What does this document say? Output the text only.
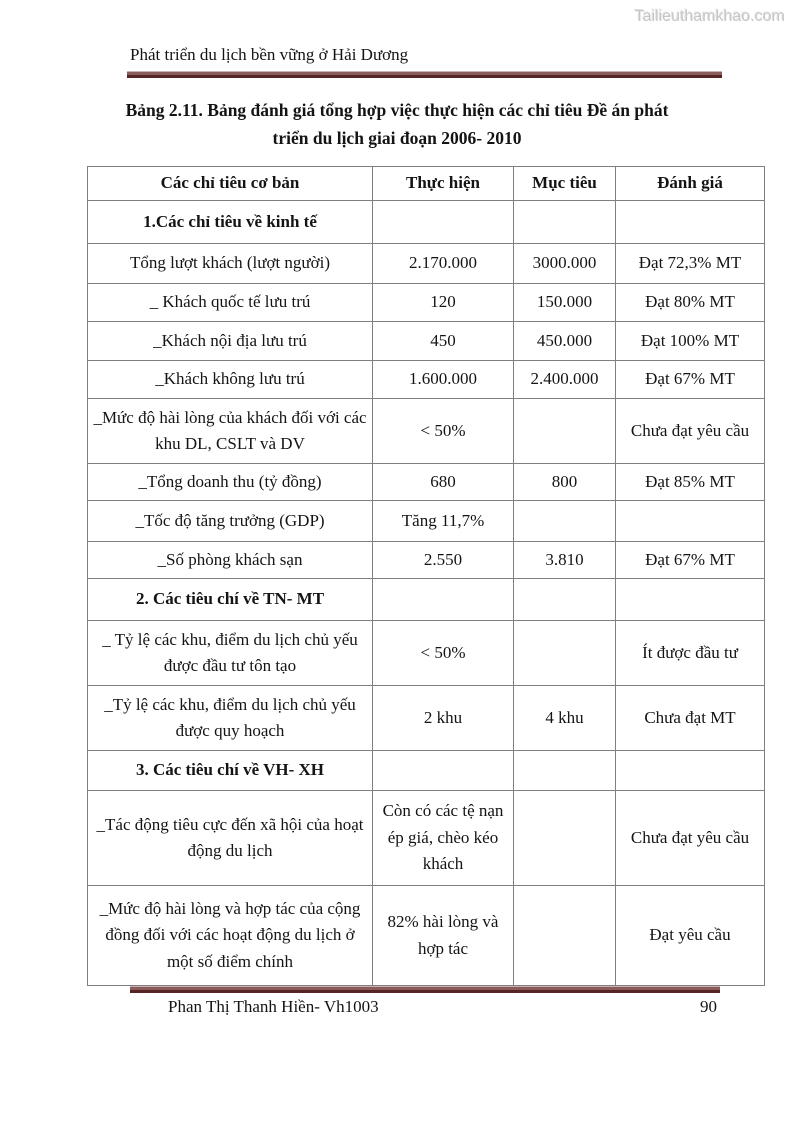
Tailieuthamkhao.com
Phát triển du lịch bền vững ở Hải Dương
Bảng 2.11. Bảng đánh giá tổng hợp việc thực hiện các chỉ tiêu Đề án phát
triển du lịch giai đoạn 2006- 2010
Các chỉ tiêu cơ bản	Thực hiện	Mục tiêu	Đánh giá
1.Các chỉ tiêu về kinh tế			
Tổng lượt khách (lượt người)	2.170.000	3000.000	Đạt 72,3% MT
_ Khách quốc tế lưu trú	120	150.000	Đạt 80% MT
_Khách nội địa lưu trú	450	450.000	Đạt 100% MT
_Khách không lưu trú	1.600.000	2.400.000	Đạt 67% MT
_Mức độ hài lòng của khách đối với các khu DL, CSLT và DV	< 50%		Chưa đạt yêu cầu
_Tổng doanh thu (tỷ đồng)	680	800	Đạt 85% MT
_Tốc độ tăng trưởng (GDP)	Tăng 11,7%		
_Số phòng khách sạn	2.550	3.810	Đạt 67% MT
2. Các tiêu chí về TN- MT			
_ Tỷ lệ các khu, điểm du lịch chủ yếu được đầu tư tôn tạo	< 50%		Ít được đầu tư
_Tỷ lệ các khu, điểm du lịch chủ yếu được quy hoạch	2 khu	4 khu	Chưa đạt MT
3. Các tiêu chí về VH- XH			
_Tác động tiêu cực đến xã hội của hoạt động du lịch	Còn có các tệ nạn ép giá, chèo kéo khách		Chưa đạt yêu cầu
_Mức độ hài lòng và hợp tác của cộng đồng đối với các hoạt động du lịch ở một số điểm chính	82% hài lòng và hợp tác		Đạt yêu cầu
Phan Thị Thanh Hiền- Vh1003	90
